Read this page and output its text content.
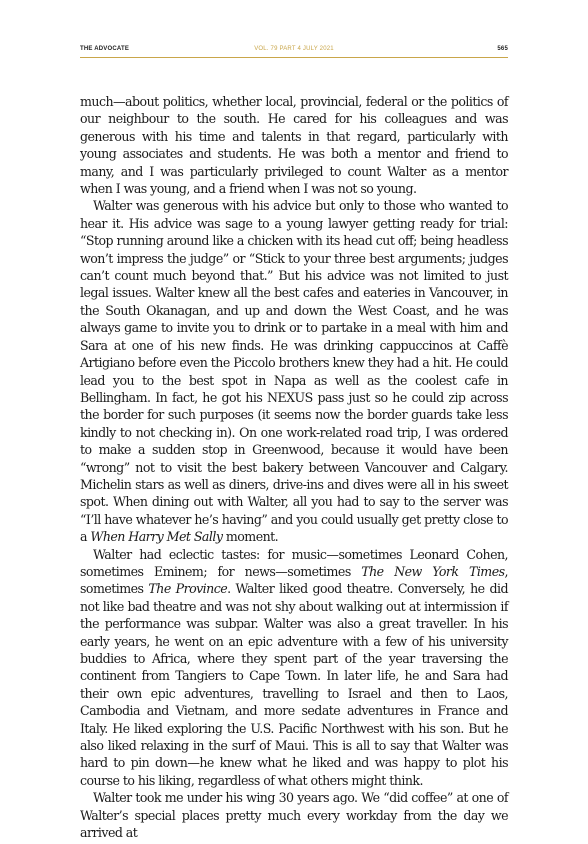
THE ADVOCATE	VOL. 79 PART 4 JULY 2021	565

much—about politics, whether local, provincial, federal or the politics of our neighbour to the south. He cared for his colleagues and was generous with his time and talents in that regard, particularly with young associates and students. He was both a mentor and friend to many, and I was particularly privileged to count Walter as a mentor when I was young, and a friend when I was not so young.

Walter was generous with his advice but only to those who wanted to hear it. His advice was sage to a young lawyer getting ready for trial: “Stop running around like a chicken with its head cut off; being headless won’t impress the judge” or “Stick to your three best arguments; judges can’t count much beyond that.” But his advice was not limited to just legal issues. Walter knew all the best cafes and eateries in Vancouver, in the South Okanagan, and up and down the West Coast, and he was always game to invite you to drink or to partake in a meal with him and Sara at one of his new finds. He was drinking cappuccinos at Caffè Artigiano before even the Piccolo brothers knew they had a hit. He could lead you to the best spot in Napa as well as the coolest cafe in Bellingham. In fact, he got his NEXUS pass just so he could zip across the border for such purposes (it seems now the border guards take less kindly to not checking in). On one work-related road trip, I was ordered to make a sudden stop in Greenwood, because it would have been “wrong” not to visit the best bakery between Vancouver and Calgary. Michelin stars as well as diners, drive-ins and dives were all in his sweet spot. When dining out with Walter, all you had to say to the server was “I’ll have whatever he’s having” and you could usually get pretty close to a When Harry Met Sally moment.

Walter had eclectic tastes: for music—sometimes Leonard Cohen, sometimes Eminem; for news—sometimes The New York Times, sometimes The Province. Walter liked good theatre. Conversely, he did not like bad theatre and was not shy about walking out at intermission if the performance was subpar. Walter was also a great traveller. In his early years, he went on an epic adventure with a few of his university buddies to Africa, where they spent part of the year traversing the continent from Tangiers to Cape Town. In later life, he and Sara had their own epic adventures, travelling to Israel and then to Laos, Cambodia and Vietnam, and more sedate adventures in France and Italy. He liked exploring the U.S. Pacific Northwest with his son. But he also liked relaxing in the surf of Maui. This is all to say that Walter was hard to pin down—he knew what he liked and was happy to plot his course to his liking, regardless of what others might think.

Walter took me under his wing 30 years ago. We “did coffee” at one of Walter’s special places pretty much every workday from the day we arrived at
